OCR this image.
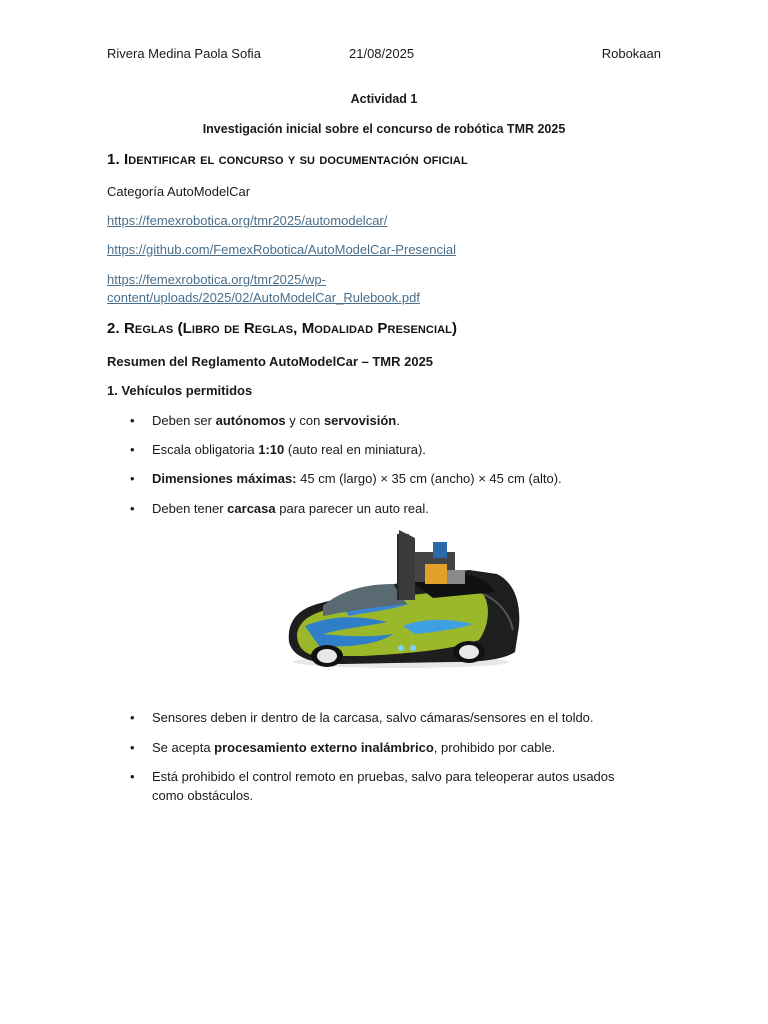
Rivera Medina Paola Sofia	21/08/2025	Robokaan
Actividad 1
Investigación inicial sobre el concurso de robótica TMR 2025
1. Identificar el concurso y su documentación oficial
Categoría AutoModelCar
https://femexrobotica.org/tmr2025/automodelcar/
https://github.com/FemexRobotica/AutoModelCar-Presencial
https://femexrobotica.org/tmr2025/wp-
content/uploads/2025/02/AutoModelCar_Rulebook.pdf
2. Reglas (Libro de Reglas, Modalidad Presencial)
Resumen del Reglamento AutoModelCar – TMR 2025
1. Vehículos permitidos
• Deben ser autónomos y con servovisión.
• Escala obligatoria 1:10 (auto real en miniatura).
• Dimensiones máximas: 45 cm (largo) × 35 cm (ancho) × 45 cm (alto).
• Deben tener carcasa para parecer un auto real.
• Sensores deben ir dentro de la carcasa, salvo cámaras/sensores en el toldo.
• Se acepta procesamiento externo inalámbrico, prohibido por cable.
• Está prohibido el control remoto en pruebas, salvo para teleoperar autos usados
como obstáculos.
